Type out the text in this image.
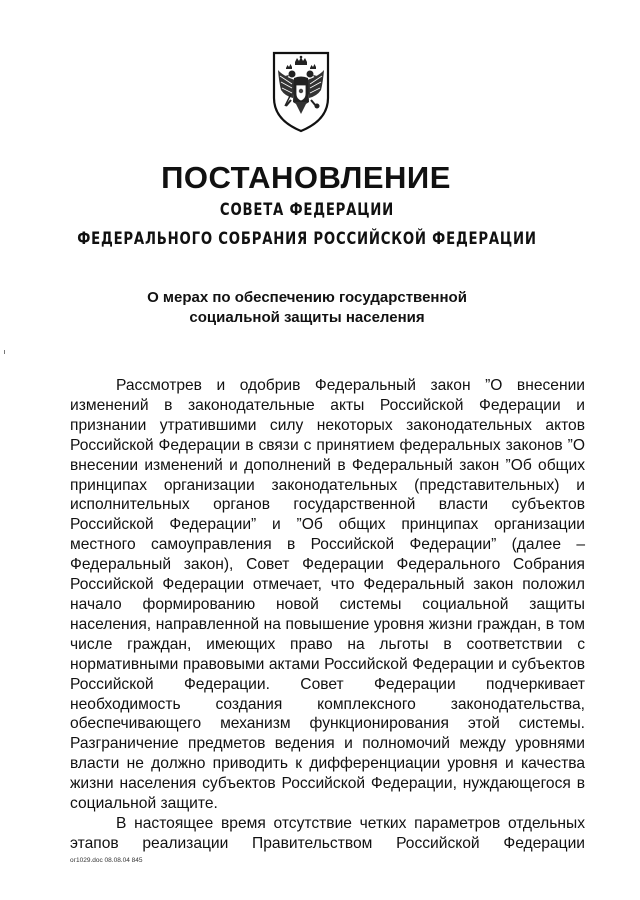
ПОСТАНОВЛЕНИЕ
СОВЕТА ФЕДЕРАЦИИ
ФЕДЕРАЛЬНОГО СОБРАНИЯ РОССИЙСКОЙ ФЕДЕРАЦИИ
О мерах по обеспечению государственной социальной защиты населения

Рассмотрев и одобрив Федеральный закон ”О внесении изменений в законодательные акты Российской Федерации и признании утратившими силу некоторых законодательных актов Российской Федерации в связи с принятием федеральных законов ”О внесении изменений и дополнений в Федеральный закон ”Об общих принципах организации законодательных (представительных) и исполнительных органов государственной власти субъектов Российской Федерации” и ”Об общих принципах организации местного самоуправления в Российской Федерации” (далее – Федеральный закон), Совет Федерации Федерального Собрания Российской Федерации отмечает, что Федеральный закон положил начало формированию новой системы социальной защиты населения, направленной на повышение уровня жизни граждан, в том числе граждан, имеющих право на льготы в соответствии с нормативными правовыми актами Российской Федерации и субъектов Российской Федерации. Совет Федерации подчеркивает необходимость создания комплексного законодательства, обеспечивающего механизм функционирования этой системы. Разграничение предметов ведения и полномочий между уровнями власти не должно приводить к дифференциации уровня и качества жизни населения субъектов Российской Федерации, нуждающегося в социальной защите.

В настоящее время отсутствие четких параметров отдельных этапов реализации Правительством Российской Федерации

ог1029.doc 08.08.04 845
